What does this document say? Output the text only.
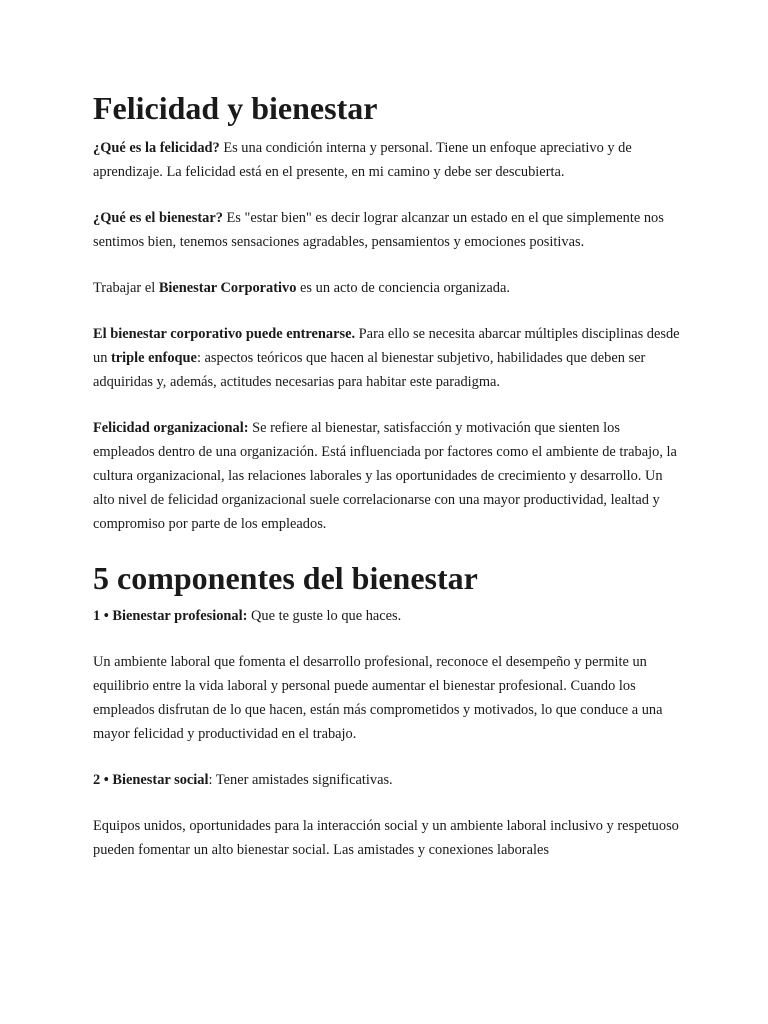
Felicidad y bienestar

¿Qué es la felicidad? Es una condición interna y personal. Tiene un enfoque apreciativo y de aprendizaje. La felicidad está en el presente, en mi camino y debe ser descubierta.

¿Qué es el bienestar? Es "estar bien" es decir lograr alcanzar un estado en el que simplemente nos sentimos bien, tenemos sensaciones agradables, pensamientos y emociones positivas.

Trabajar el Bienestar Corporativo es un acto de conciencia organizada.

El bienestar corporativo puede entrenarse. Para ello se necesita abarcar múltiples disciplinas desde un triple enfoque: aspectos teóricos que hacen al bienestar subjetivo, habilidades que deben ser adquiridas y, además, actitudes necesarias para habitar este paradigma.

Felicidad organizacional: Se refiere al bienestar, satisfacción y motivación que sienten los empleados dentro de una organización. Está influenciada por factores como el ambiente de trabajo, la cultura organizacional, las relaciones laborales y las oportunidades de crecimiento y desarrollo. Un alto nivel de felicidad organizacional suele correlacionarse con una mayor productividad, lealtad y compromiso por parte de los empleados.

5 componentes del bienestar

1 • Bienestar profesional: Que te guste lo que haces.

Un ambiente laboral que fomenta el desarrollo profesional, reconoce el desempeño y permite un equilibrio entre la vida laboral y personal puede aumentar el bienestar profesional. Cuando los empleados disfrutan de lo que hacen, están más comprometidos y motivados, lo que conduce a una mayor felicidad y productividad en el trabajo.

2 • Bienestar social: Tener amistades significativas.

Equipos unidos, oportunidades para la interacción social y un ambiente laboral inclusivo y respetuoso pueden fomentar un alto bienestar social. Las amistades y conexiones laborales
